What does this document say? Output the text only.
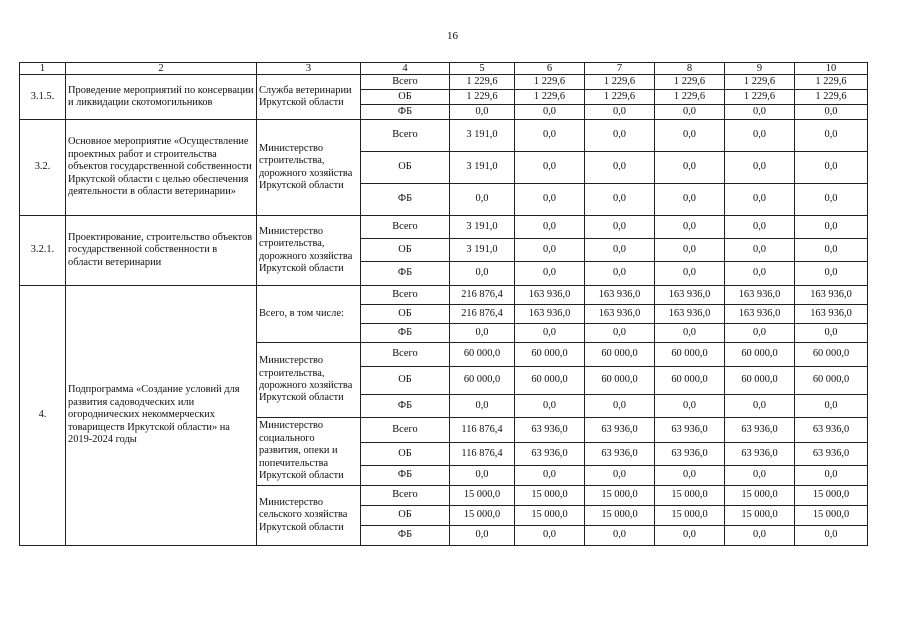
16
1	2	3	4	5	6	7	8	9	10
3.1.5.	Проведение мероприятий по консервации и ликвидации скотомогильников	Служба ветеринарии Иркутской области	Всего	1 229,6	1 229,6	1 229,6	1 229,6	1 229,6	1 229,6
			ОБ	1 229,6	1 229,6	1 229,6	1 229,6	1 229,6	1 229,6
			ФБ	0,0	0,0	0,0	0,0	0,0	0,0
3.2.	Основное мероприятие «Осуществление проектных работ и строительства объектов государственной собственности Иркутской области с целью обеспечения деятельности в области ветеринарии»	Министерство строительства, дорожного хозяйства Иркутской области	Всего	3 191,0	0,0	0,0	0,0	0,0	0,0
			ОБ	3 191,0	0,0	0,0	0,0	0,0	0,0
			ФБ	0,0	0,0	0,0	0,0	0,0	0,0
3.2.1.	Проектирование, строительство объектов государственной собственности в области ветеринарии	Министерство строительства, дорожного хозяйства Иркутской области	Всего	3 191,0	0,0	0,0	0,0	0,0	0,0
			ОБ	3 191,0	0,0	0,0	0,0	0,0	0,0
			ФБ	0,0	0,0	0,0	0,0	0,0	0,0
4.	Подпрограмма «Создание условий для развития садоводческих или огороднических некоммерческих товариществ Иркутской области» на 2019-2024 годы	Всего, в том числе:	Всего	216 876,4	163 936,0	163 936,0	163 936,0	163 936,0	163 936,0
			ОБ	216 876,4	163 936,0	163 936,0	163 936,0	163 936,0	163 936,0
			ФБ	0,0	0,0	0,0	0,0	0,0	0,0
		Министерство строительства, дорожного хозяйства Иркутской области	Всего	60 000,0	60 000,0	60 000,0	60 000,0	60 000,0	60 000,0
			ОБ	60 000,0	60 000,0	60 000,0	60 000,0	60 000,0	60 000,0
			ФБ	0,0	0,0	0,0	0,0	0,0	0,0
		Министерство социального развития, опеки и попечительства Иркутской области	Всего	116 876,4	63 936,0	63 936,0	63 936,0	63 936,0	63 936,0
			ОБ	116 876,4	63 936,0	63 936,0	63 936,0	63 936,0	63 936,0
			ФБ	0,0	0,0	0,0	0,0	0,0	0,0
		Министерство сельского хозяйства Иркутской области	Всего	15 000,0	15 000,0	15 000,0	15 000,0	15 000,0	15 000,0
			ОБ	15 000,0	15 000,0	15 000,0	15 000,0	15 000,0	15 000,0
			ФБ	0,0	0,0	0,0	0,0	0,0	0,0
